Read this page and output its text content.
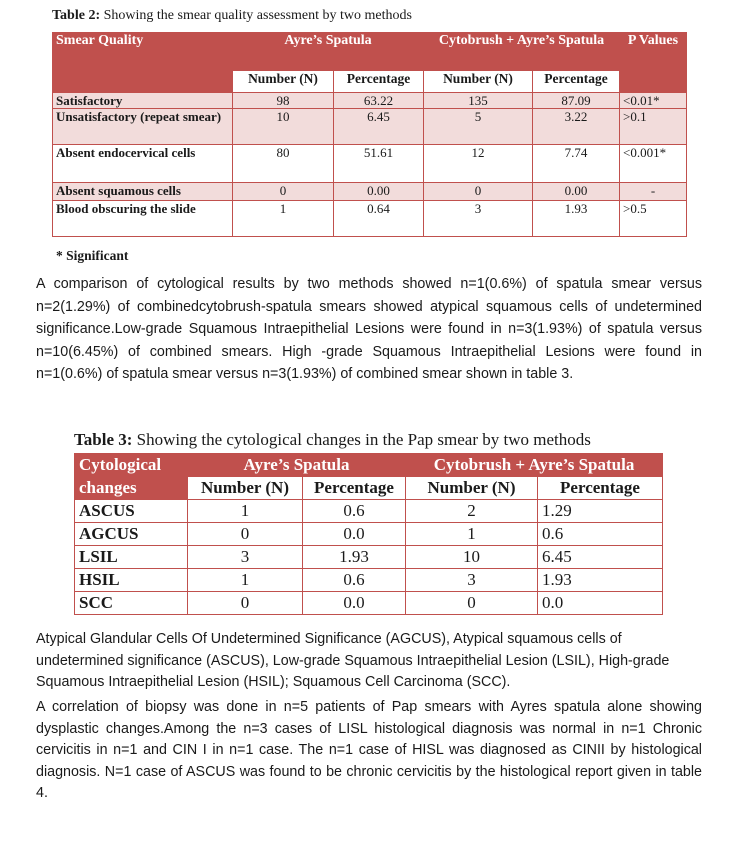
Table 2: Showing the smear quality assessment by two methods
Smear Quality	Ayre’s Spatula		Cytobrush + Ayre’s Spatula		P Values
	Number (N)	Percentage	Number (N)	Percentage	
Satisfactory	98	63.22	135	87.09	<0.01*
Unsatisfactory (repeat smear)	10	6.45	5	3.22	>0.1
Absent endocervical cells	80	51.61	12	7.74	<0.001*
Absent squamous cells	0	0.00	0	0.00	-
Blood obscuring the slide	1	0.64	3	1.93	>0.5
* Significant
A comparison of cytological results by two methods showed n=1(0.6%) of spatula smear versus n=2(1.29%) of combinedcytobrush-spatula smears showed atypical squamous cells of undetermined significance.Low-grade Squamous Intraepithelial Lesions were found in n=3(1.93%) of spatula versus n=10(6.45%) of combined smears. High -grade Squamous Intraepithelial Lesions were found in n=1(0.6%) of spatula smear versus n=3(1.93%) of combined smear shown in table 3.
Table 3: Showing the cytological changes in the Pap smear by two methods
Cytological	Ayre’s Spatula		Cytobrush + Ayre’s Spatula	
changes	Number (N)	Percentage	Number (N)	Percentage
ASCUS	1	0.6	2	1.29
AGCUS	0	0.0	1	0.6
LSIL	3	1.93	10	6.45
HSIL	1	0.6	3	1.93
SCC	0	0.0	0	0.0
Atypical Glandular Cells Of Undetermined Significance (AGCUS), Atypical squamous cells of undetermined significance (ASCUS), Low-grade Squamous Intraepithelial Lesion (LSIL), High-grade Squamous Intraepithelial Lesion (HSIL); Squamous Cell Carcinoma (SCC).
A correlation of biopsy was done in n=5 patients of Pap smears with Ayres spatula alone showing dysplastic changes.Among the n=3 cases of LISL histological diagnosis was normal in n=1 Chronic cervicitis in n=1 and CIN I in n=1 case. The n=1 case of HISL was diagnosed as CINII by histological diagnosis. N=1 case of ASCUS was found to be chronic cervicitis by the histological report given in table 4.
